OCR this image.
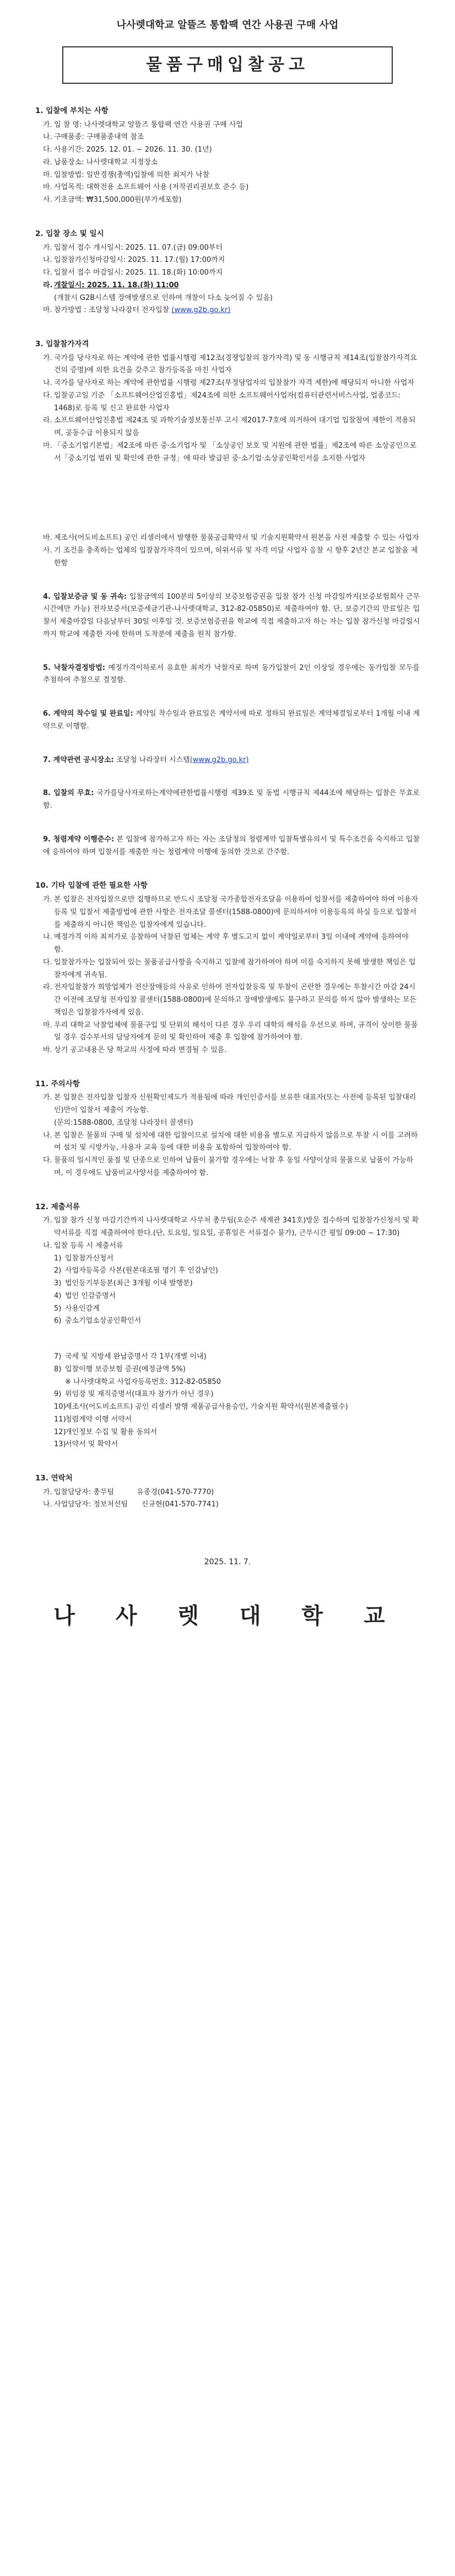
나사렛대학교 알뜰즈 통합팩 연간 사용권 구매 사업
물품구매입찰공고
1. 입찰에 부치는 사항
가. 입 찰 명: 나사렛대학교 알뜰즈 통합팩 연간 사용권 구매 사업
나. 구매품종: 구매품종내역 참조
다. 사용기간: 2025. 12. 01. ~ 2026. 11. 30. (1년)
라. 납품장소: 나사렛대학교 지정장소
마. 입찰방법: 일반경쟁(총액)입찰에 의한 최저가 낙찰
바. 사업목적: 대학전용 소프트웨어 사용 (저작권리권보호 준수 등)
사. 기초금액: ₩31,500,000원(부가세포함)
2. 입찰 장소 및 일시
가. 입찰서 접수 개시일시: 2025. 11. 07.(금) 09:00부터
나. 입찰참가신청마감일시: 2025. 11. 17.(월) 17:00까지
다. 입찰서 접수 마감일시: 2025. 11. 18.(화) 10:00까지
라. 개찰일시: 2025. 11. 18.(화) 11:00
(개찰시 G2B시스템 장애발생으로 인하여 개찰이 다소 늦어질 수 있음)
마. 참가방법 : 조달청 나라장터 전자입찰 (www.g2b.go.kr)
3. 입찰참가자격
가. 국가를 당사자로 하는 계약에 관한 법률시행령 제12조(경쟁입찰의 참가자격) 및 동 시행규칙 제14조(입찰참가자격요건의 증명)에 의한 요건을 갖추고 참가등록을 마친 사업자
나. 국가를 당사자로 하는 계약에 관한법률 시행령 제27조(부정당업자의 입찰참가 자격 제한)에 해당되지 아니한 사업자
다. 입찰공고일 기준 「소프트웨어산업진흥법」제24조에 의한 소프트웨어사업자(컴퓨터관련서비스사업, 업종코드: 1468)로 등록 및 신고 완료한 사업자
라. 소프트웨어산업진흥법 제24조 및 과학기술정보통신부 고시 제2017-7호에 의거하여 대기업 입찰참여 제한이 적용되며, 공동수급 이용되지 않음
마. 「중소기업기본법」제2조에 따른 중·소기업자 및 「소상공인 보호 및 지원에 관한 법률」제2조에 따른 소상공인으로서「중소기업 범위 및 확인에 관한 규정」에 따라 발급된 중·소기업·소상공인확인서를 소지한 사업자
바. 제조사(어도비소프트) 공인 리셀러에서 발행한 물품공급확약서 및 기술지원확약서 원본을 사전 제출할 수 있는 사업자
사. 기 조건을 충족하는 업체의 입찰참가자격이 있으며, 허위서류 및 자격 미달 사업자 응찰 시 향후 2년간 본교 입찰을 제한함
4. 입찰보증금 및 동 귀속: 입찰금액의 100분의 5이상의 보증보험증권을 입찰 참가 신청 마감일까지(보증보험회사 근무시간에만 가능) 전자보증서(보증세금기관-나사렛대학교, 312-82-05850)로 제출하여야 함. 단, 보증기간의 만료일은 입찰서 제출마감일 다음날부터 30일 이후일 것. 보증보험증권을 학교에 직접 제출하고자 하는 자는 입찰 참가신청 마감일시까지 학교에 제출한 자에 한하며 도착분에 제출을 원칙 참가함.
5. 낙찰자결정방법: 예정가격이하로서 유효한 최저가 낙찰자로 하며 동가입찰이 2인 이상일 경우에는 동가입찰 모두를 추첨하여 추첨으로 결정함.
6. 계약의 착수일 및 완료일: 계약일 착수일과 완료일은 계약서에 따로 정하되 완료일은 계약체결일로부터 1개월 이내 계약으로 이행함.
7. 계약관련 공시장소: 조달청 나라장터 시스템(www.g2b.go.kr)
8. 입찰의 무효: 국가를당사자로하는계약에관한법률시행령 제39조 및 동법 시행규칙 제44조에 해당하는 입찰은 무효로 함.
9. 청렴계약 이행준수: 본 입찰에 참가하고자 하는 자는 조달청의 청렴계약 입찰특별유의서 및 특수조건을 숙지하고 입찰에 응하여야 하며 입찰서를 제출한 자는 청렴계약 이행에 동의한 것으로 간주함.
10. 기타 입찰에 관한 필요한 사항
가. 본 입찰은 전자입찰으로만 집행하므로 반드시 조달청 국가종합전자조달을 이용하여 입찰서를 제출하여야 하며 이용자등록 및 입찰서 제출방법에 관한 사항은 전자조달 콜센터(1588-0800)에 문의하셔야 이용등록의 하실 등으로 입찰서를 제출하지 아니한 책임은 입찰자에게 있습니다.
나. 예정가격 이하 최저가로 응찰하여 낙찰된 업체는 계약 후 별도고지 없이 계약일로부터 3일 이내에 계약에 응하여야 함.
다. 입찰참가자는 입찰되어 있는 물품공급사항을 숙지하고 입찰에 참가하여야 하며 이를 숙지하지 못해 발생한 책임은 입찰자에게 귀속됨.
라. 전자입찰참가 희망업체가 전산장애등의 사유로 인하여 전자입찰등록 및 투찰이 곤란한 경우에는 투찰시간 마감 24시간 이전에 조달청 전자입찰 콜센터(1588-0800)에 문의하고 장애발생에도 불구하고 문의를 하지 않아 발생하는 모든 책임은 입찰참가자에게 있음.
마. 우리 대학교 낙찰업체에 물품구입 및 단위의 해석이 다른 경우 우리 대학의 해석을 우선으로 하며, 규격이 상이한 물품일 경우 검수부서의 담당자에게 문의 및 확인하여 제출 후 입찰에 참가하여야 함.
바. 상기 공고내용은 당 학교의 사정에 따라 변경될 수 있음.
11. 주의사항
가. 본 입찰은 전자입찰 입찰자 신원확인제도가 적용됨에 따라 개인인증서를 보유한 대표자(또는 사전에 등록된 입찰대리인)만이 입찰서 제출이 가능함.
(문의:1588-0800, 조달청 나라장터 콜센터)
나. 본 입찰은 물품의 구매 및 설치에 대한 입찰이므로 설치에 대한 비용을 별도로 지급하지 않음으로 투찰 시 이를 고려하여 설치 및 시방가능, 사용자 교육 등에 대한 비용을 포함하여 입찰하여야 함.
다. 물품의 일시적인 품절 및 단종으로 인하여 납품이 불가할 경우에는 낙찰 후 동일 사양이상의 물품으로 납품이 가능하며, 이 경우에도 납품비교사양서를 제출하여야 함.
12. 제출서류
가. 입찰 참가 신청 마감기간까지 나사렛대학교 사무처 총무팀(오순주 세계관 341호)방문 접수하며 입찰참가신청서 및 확약서류를 직접 제출하여야 한다.(단, 토요일, 일요일, 공휴일은 서류접수 불가), 근무시간 평일 09:00 ~ 17:30)
나. 입찰 등록 시 제출서류
1) 입찰참가신청서
2) 사업자등록증 사본(원본대조필 명기 후 인감날인)
3) 법인등기부등본(최근 3개월 이내 발행분)
4) 법인 인감증명서
5) 사용인감계
6) 중소기업소상공인확인서
7) 국세 및 지방세 완납증명서 각 1부(개별 이내)
8) 입찰이행 보증보험 증권(예정금액 5%)
※ 나사렛대학교 사업자등록번호: 312-82-05850
9) 위임장 및 재직증명서(대표자 참가가 아닌 경우)
10)
제조사(어도비소프트) 공인 리셀러 발행 제품공급사용승인, 기술지원 확약서(원본제출필수)
11)
청렴계약 이행 서약서
12)
개인정보 수집 및 활용 동의서
13)
서약서 및 확약서
13. 연락처
가. 입찰담당자: 총무팀          유종경(041-570-7770)
나. 사업담당자: 정보처선팀      신규현(041-570-7741)
2025. 11. 7.
나 사 렛 대 학 교
